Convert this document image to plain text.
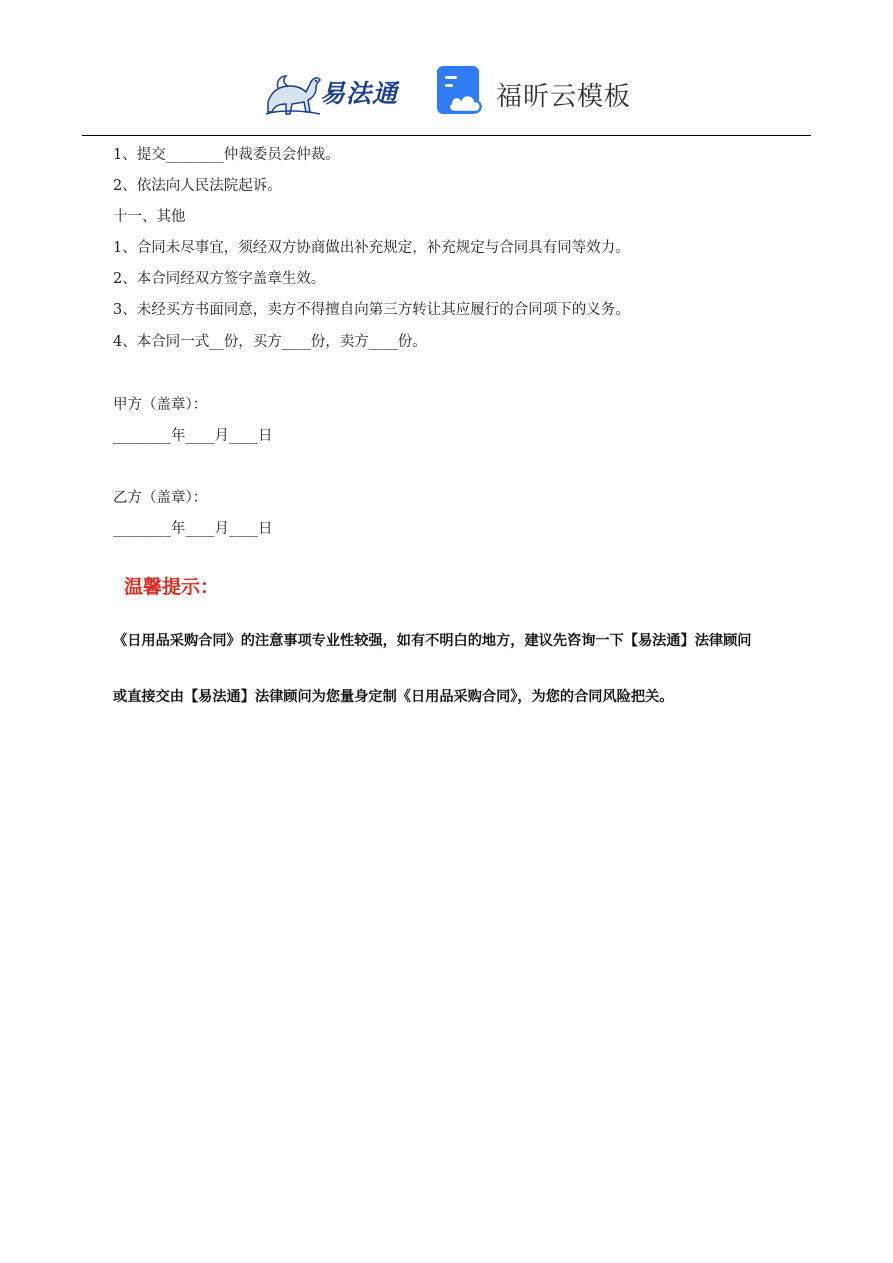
易法通	福昕云模板
1、提交________仲裁委员会仲裁。
2、依法向人民法院起诉。
十一、其他
1、合同未尽事宜，须经双方协商做出补充规定，补充规定与合同具有同等效力。
2、本合同经双方签字盖章生效。
3、未经买方书面同意，卖方不得擅自向第三方转让其应履行的合同项下的义务。
4、本合同一式__份，买方____份，卖方____份。
甲方（盖章）：
________年____月____日
乙方（盖章）：
________年____月____日
温馨提示：
《日用品采购合同》的注意事项专业性较强，如有不明白的地方，建议先咨询一下【易法通】法律顾问
或直接交由【易法通】法律顾问为您量身定制《日用品采购合同》，为您的合同风险把关。
